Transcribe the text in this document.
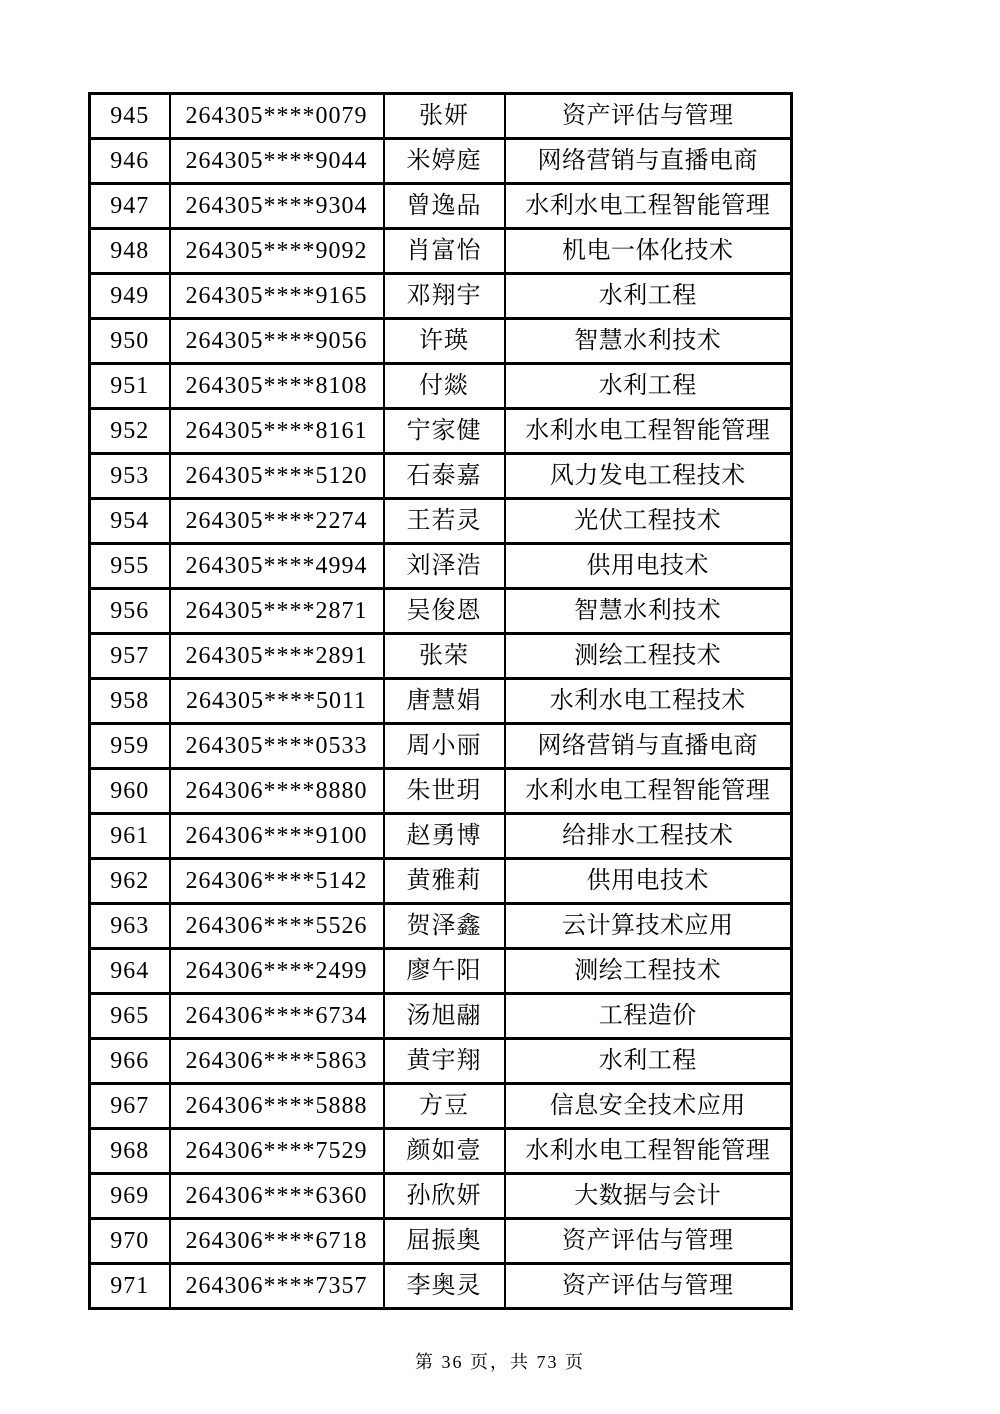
945	264305****0079	张妍	资产评估与管理
946	264305****9044	米婷庭	网络营销与直播电商
947	264305****9304	曾逸品	水利水电工程智能管理
948	264305****9092	肖富怡	机电一体化技术
949	264305****9165	邓翔宇	水利工程
950	264305****9056	许瑛	智慧水利技术
951	264305****8108	付燚	水利工程
952	264305****8161	宁家健	水利水电工程智能管理
953	264305****5120	石泰嘉	风力发电工程技术
954	264305****2274	王若灵	光伏工程技术
955	264305****4994	刘泽浩	供用电技术
956	264305****2871	吴俊恩	智慧水利技术
957	264305****2891	张荣	测绘工程技术
958	264305****5011	唐慧娟	水利水电工程技术
959	264305****0533	周小丽	网络营销与直播电商
960	264306****8880	朱世玥	水利水电工程智能管理
961	264306****9100	赵勇博	给排水工程技术
962	264306****5142	黄雅莉	供用电技术
963	264306****5526	贺泽鑫	云计算技术应用
964	264306****2499	廖午阳	测绘工程技术
965	264306****6734	汤旭翮	工程造价
966	264306****5863	黄宇翔	水利工程
967	264306****5888	方豆	信息安全技术应用
968	264306****7529	颜如壹	水利水电工程智能管理
969	264306****6360	孙欣妍	大数据与会计
970	264306****6718	屈振奥	资产评估与管理
971	264306****7357	李奥灵	资产评估与管理
第 36 页，共 73 页
